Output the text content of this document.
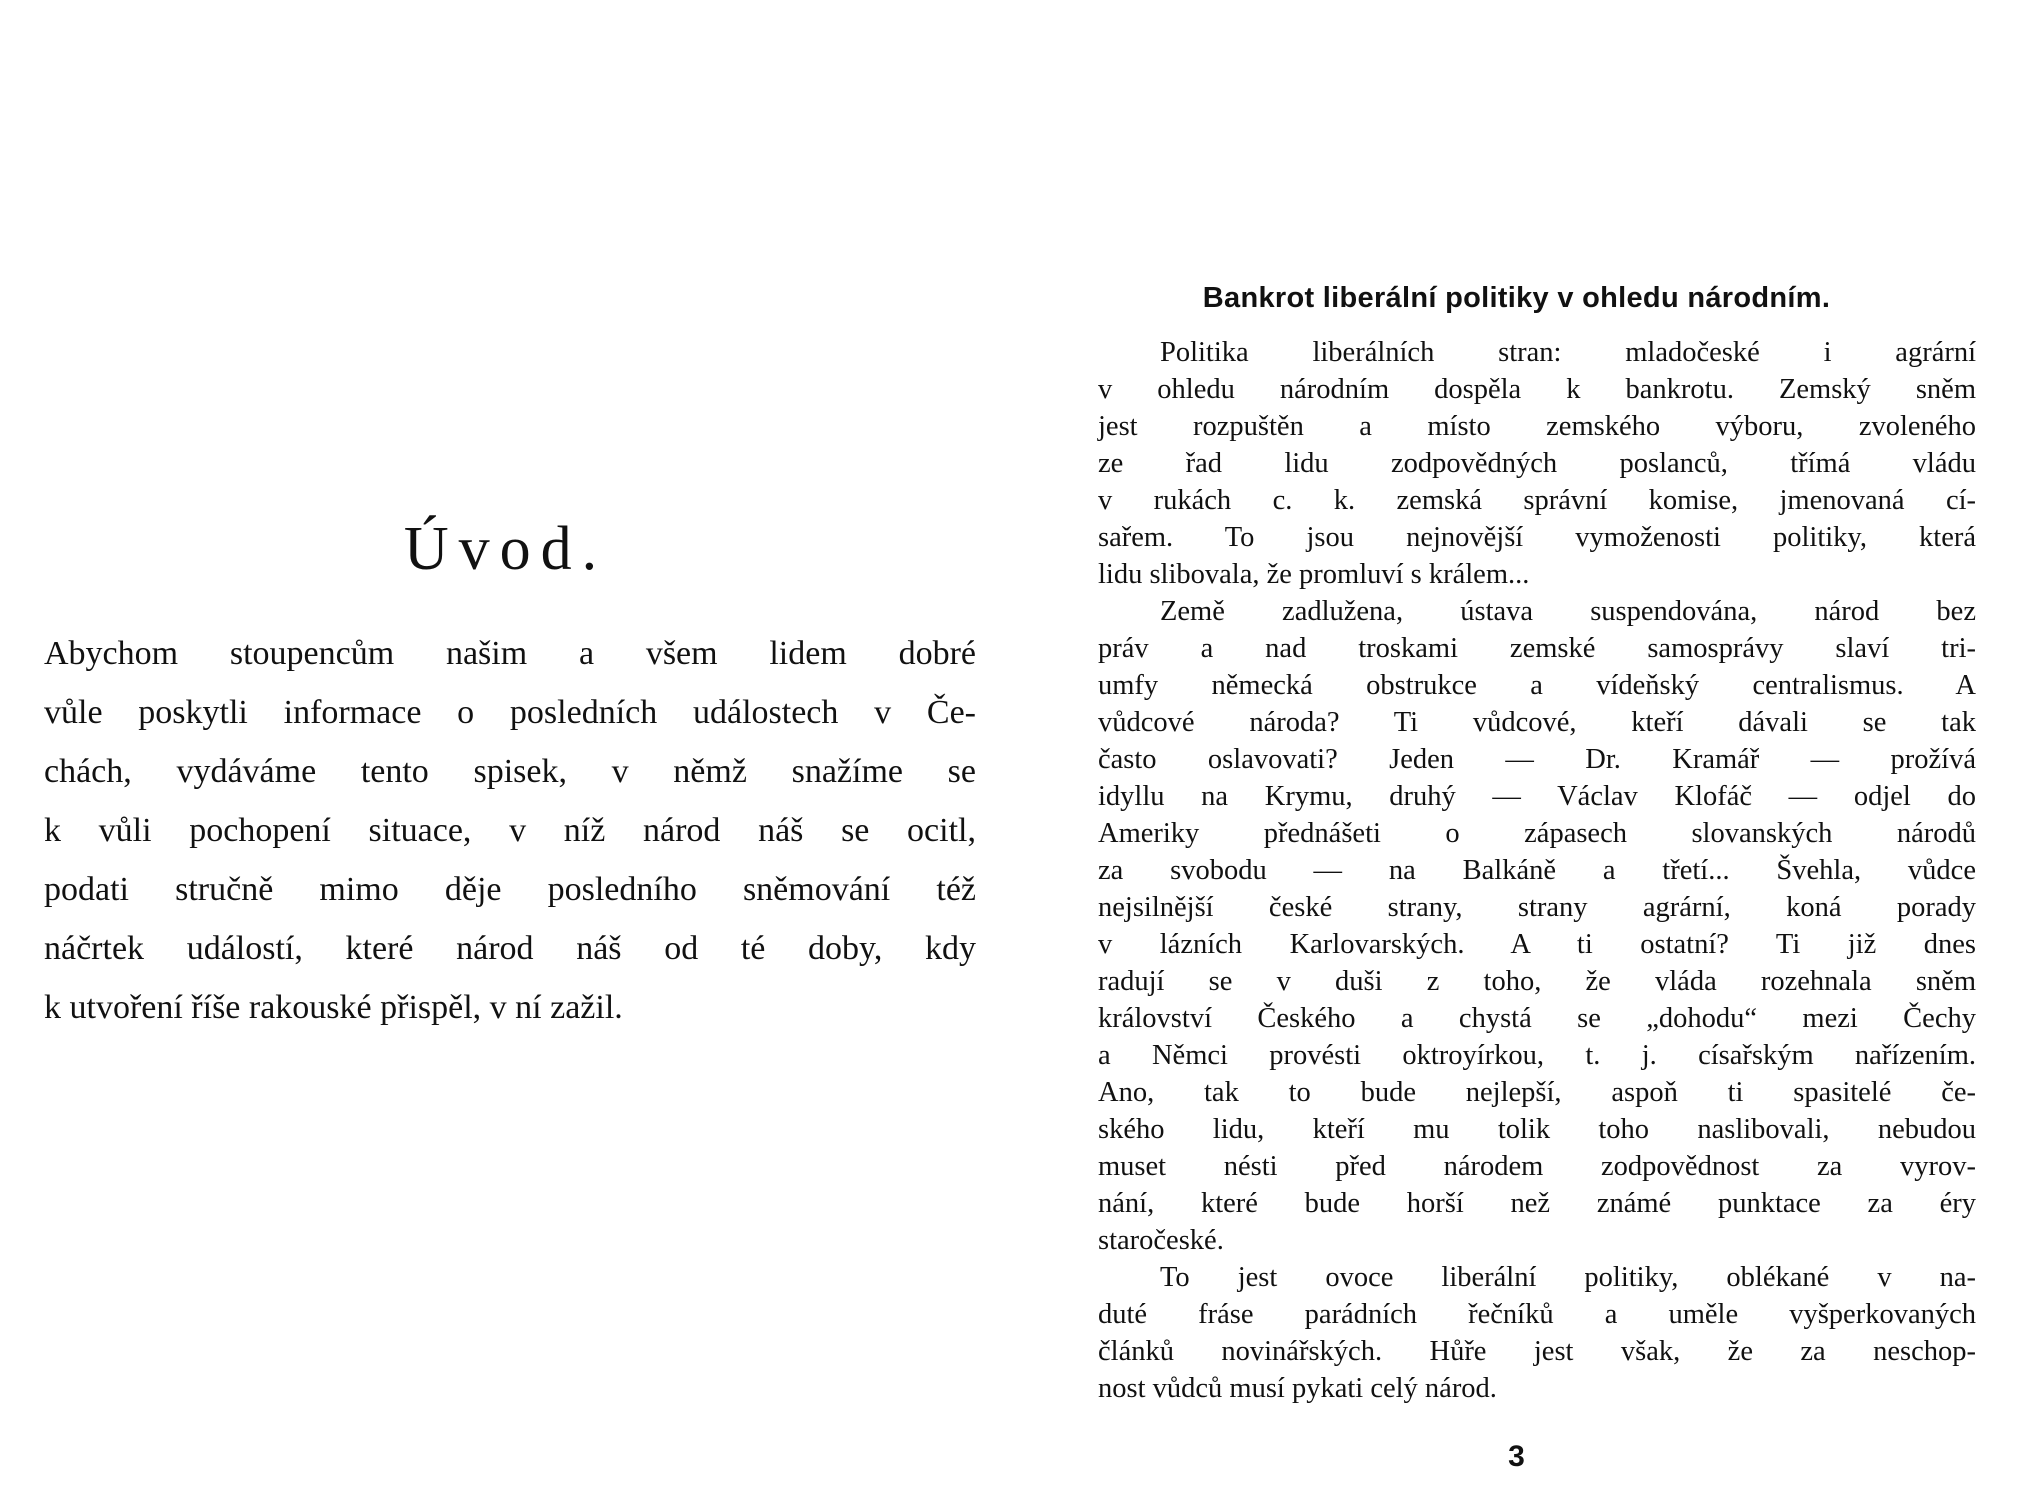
Úvod.
Abychom stoupencům našim a všem lidem dobré
vůle poskytli informace o posledních událostech v Če-
chách, vydáváme tento spisek, v němž snažíme se
k vůli pochopení situace, v níž národ náš se ocitl,
podati stručně mimo děje posledního sněmování též
náčrtek událostí, které národ náš od té doby, kdy
k utvoření říše rakouské přispěl, v ní zažil.
Bankrot liberální politiky v ohledu národním.
Politika liberálních stran: mladočeské i agrární
v ohledu národním dospěla k bankrotu. Zemský sněm
jest rozpuštěn a místo zemského výboru, zvoleného
ze řad lidu zodpovědných poslanců, třímá vládu
v rukách c. k. zemská správní komise, jmenovaná cí-
sařem. To jsou nejnovější vymoženosti politiky, která
lidu slibovala, že promluví s králem...
Země zadlužena, ústava suspendována, národ bez
práv a nad troskami zemské samosprávy slaví tri-
umfy německá obstrukce a vídeňský centralismus. A
vůdcové národa? Ti vůdcové, kteří dávali se tak
často oslavovati? Jeden — Dr. Kramář — prožívá
idyllu na Krymu, druhý — Václav Klofáč — odjel do
Ameriky přednášeti o zápasech slovanských národů
za svobodu — na Balkáně a třetí... Švehla, vůdce
nejsilnější české strany, strany agrární, koná porady
v lázních Karlovarských. A ti ostatní? Ti již dnes
radují se v duši z toho, že vláda rozehnala sněm
království Českého a chystá se „dohodu“ mezi Čechy
a Němci provésti oktroyírkou, t. j. císařským nařízením.
Ano, tak to bude nejlepší, aspoň ti spasitelé če-
ského lidu, kteří mu tolik toho naslibovali, nebudou
muset nésti před národem zodpovědnost za vyrov-
nání, které bude horší než známé punktace za éry
staročeské.
To jest ovoce liberální politiky, oblékané v na-
duté fráse parádních řečníků a uměle vyšperkovaných
článků novinářských. Hůře jest však, že za neschop-
nost vůdců musí pykati celý národ.
3
